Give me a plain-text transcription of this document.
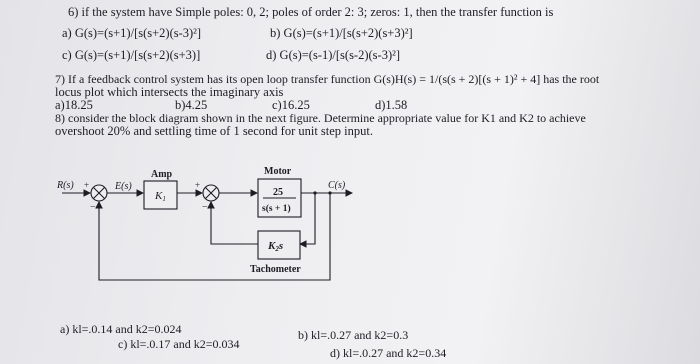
6) if the system have Simple poles: 0, 2; poles of order 2: 3; zeros: 1, then the transfer function is
a) G(s)=(s+1)/[s(s+2)(s-3)²]	b) G(s)=(s+1)/[s(s+2)(s+3)²]
c) G(s)=(s+1)/[s(s+2)(s+3)]	d) G(s)=(s-1)/[s(s-2)(s-3)²]
7) If a feedback control system has its open loop transfer function G(s)H(s) = 1/(s(s + 2)[(s + 1)² + 4] has the root
locus plot which intersects the imaginary axis
a)18.25	b)4.25	c)16.25	d)1.58
8) consider the block diagram shown in the next figure. Determine appropriate value for K1 and K2 to achieve
overshoot 20% and settling time of 1 second for unit step input.
R(s) +
−
E(s)
Amp
K1
+
−
Motor
25
s(s + 1)
C(s)
K2s
Tachometer
a) kl=.0.14 and k2=0.024	b) kl=.0.27 and k2=0.3
c) kl=.0.17 and k2=0.034
d) kl=.0.27 and k2=0.34
